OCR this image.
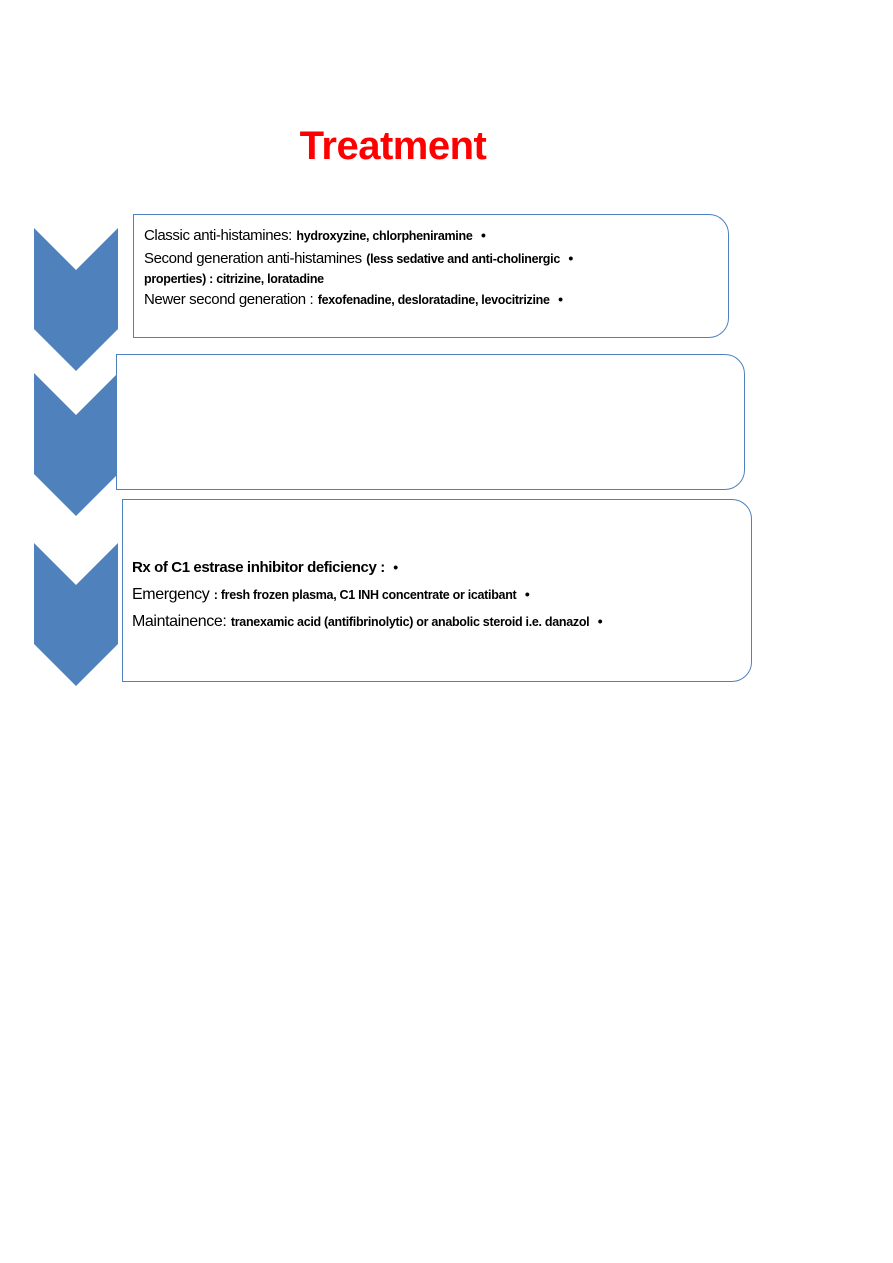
Treatment
Classic anti-histamines: hydroxyzine, chlorpheniramine •
Second generation anti-histamines (less sedative and anti-cholinergic •
properties) : citrizine, loratadine
Newer second generation : fexofenadine, desloratadine, levocitrizine •
Rx of C1 estrase inhibitor deficiency : •
Emergency : fresh frozen plasma, C1 INH concentrate or icatibant •
Maintainence: tranexamic acid (antifibrinolytic) or anabolic steroid i.e. danazol •
